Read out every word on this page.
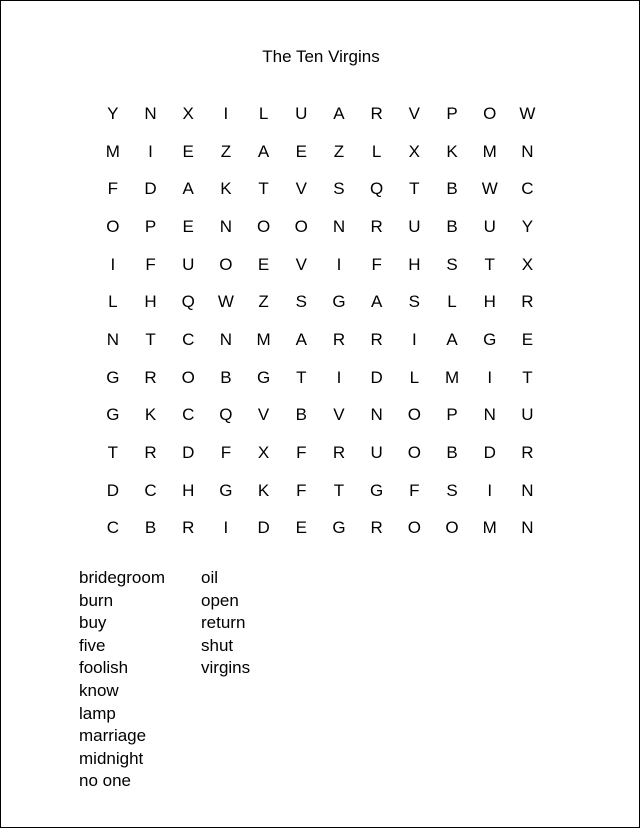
The Ten Virgins
Y	N	X	I	L	U	A	R	V	P	O	W
M	I	E	Z	A	E	Z	L	X	K	M	N
F	D	A	K	T	V	S	Q	T	B	W	C
O	P	E	N	O	O	N	R	U	B	U	Y
I	F	U	O	E	V	I	F	H	S	T	X
L	H	Q	W	Z	S	G	A	S	L	H	R
N	T	C	N	M	A	R	R	I	A	G	E
G	R	O	B	G	T	I	D	L	M	I	T
G	K	C	Q	V	B	V	N	O	P	N	U
T	R	D	F	X	F	R	U	O	B	D	R
D	C	H	G	K	F	T	G	F	S	I	N
C	B	R	I	D	E	G	R	O	O	M	N
bridegroom
burn
buy
five
foolish
know
lamp
marriage
midnight
no one
oil
open
return
shut
virgins
